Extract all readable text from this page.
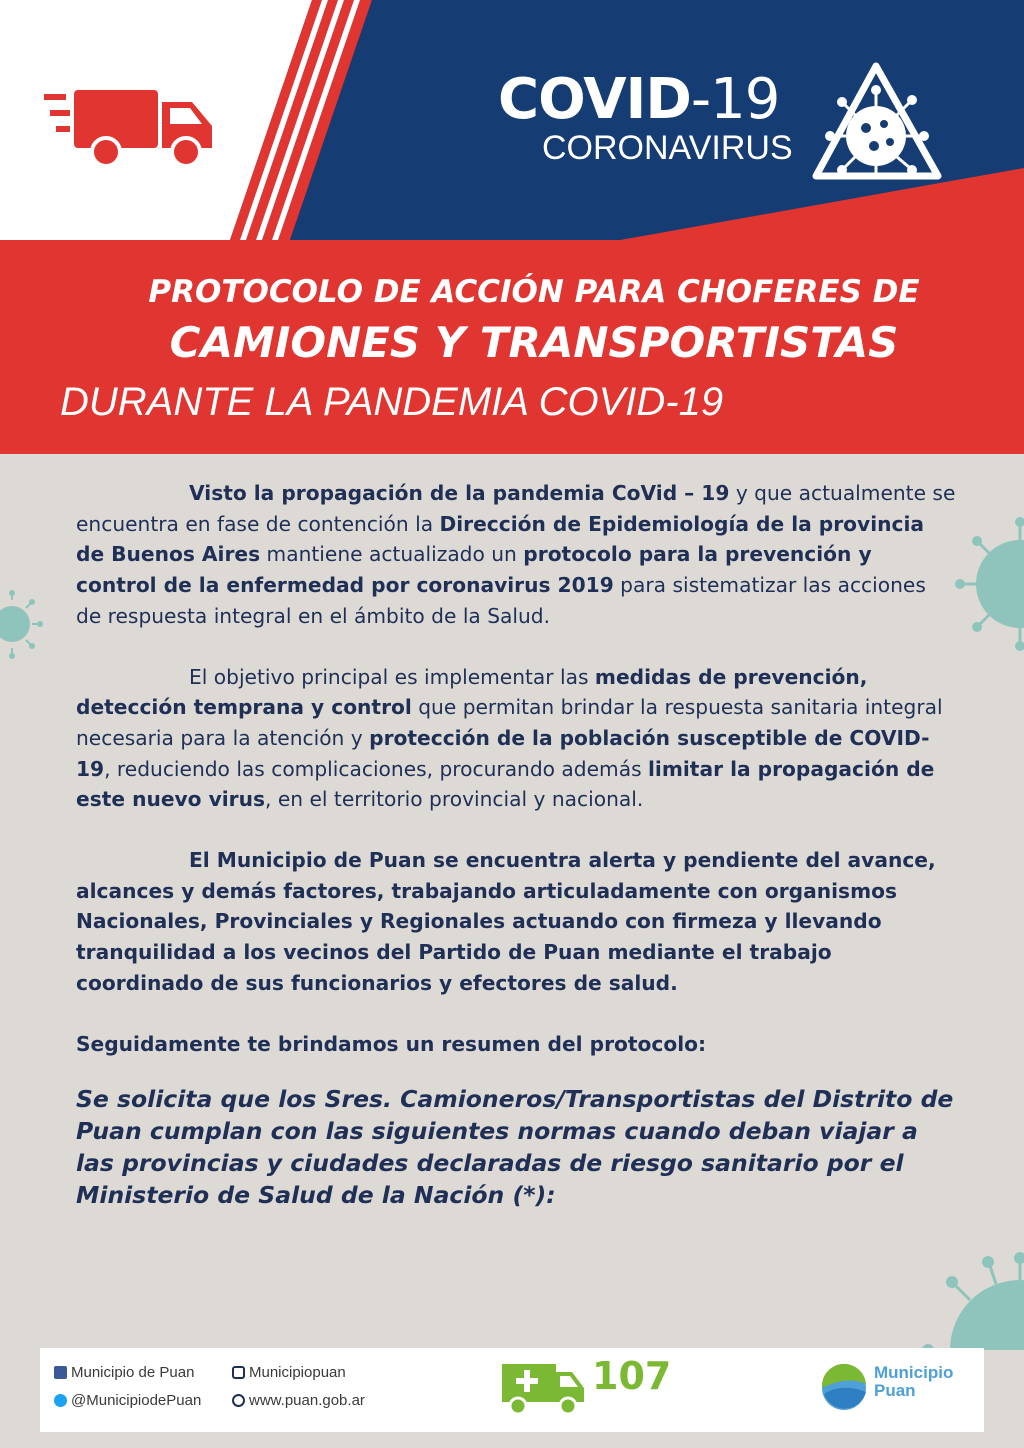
COVID-19
CORONAVIRUS
PROTOCOLO DE ACCIÓN PARA CHOFERES DE
CAMIONES Y TRANSPORTISTAS
DURANTE LA PANDEMIA COVID-19

Visto la propagación de la pandemia CoVid – 19 y que actualmente se encuentra en fase de contención la Dirección de Epidemiología de la provincia de Buenos Aires mantiene actualizado un protocolo para la prevención y control de la enfermedad por coronavirus 2019 para sistematizar las acciones de respuesta integral en el ámbito de la Salud.

El objetivo principal es implementar las medidas de prevención, detección temprana y control que permitan brindar la respuesta sanitaria integral necesaria para la atención y protección de la población susceptible de COVID-19, reduciendo las complicaciones, procurando además limitar la propagación de este nuevo virus, en el territorio provincial y nacional.

El Municipio de Puan se encuentra alerta y pendiente del avance, alcances y demás factores, trabajando articuladamente con organismos Nacionales, Provinciales y Regionales actuando con firmeza y llevando tranquilidad a los vecinos del Partido de Puan mediante el trabajo coordinado de sus funcionarios y efectores de salud.

Seguidamente te brindamos un resumen del protocolo:

Se solicita que los Sres. Camioneros/Transportistas del Distrito de Puan cumplan con las siguientes normas cuando deban viajar a las provincias y ciudades declaradas de riesgo sanitario por el Ministerio de Salud de la Nación (*):

Municipio de Puan
@MunicipiodePuan
Municipiopuan
www.puan.gob.ar
107	Municipio
Puan
